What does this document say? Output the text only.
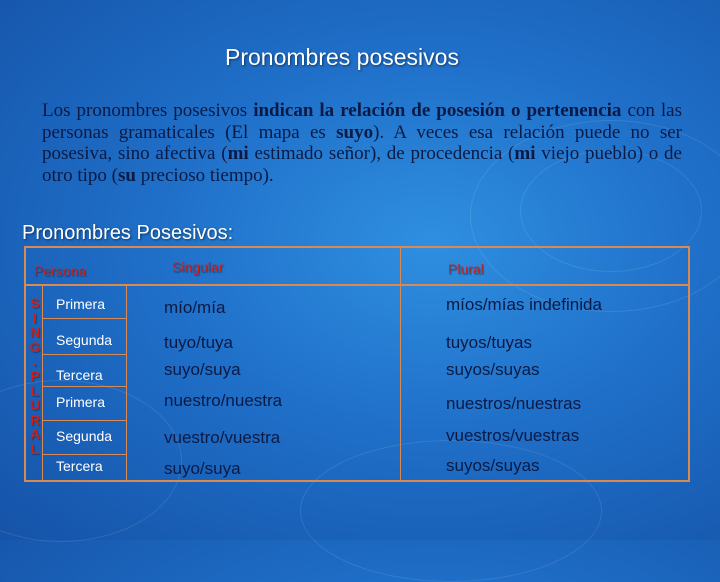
Pronombres posesivos
Los pronombres posesivos indican la relación de posesión o pertenencia con las personas gramaticales (El mapa es suyo). A veces esa relación puede no ser posesiva, sino afectiva (mi estimado señor), de procedencia (mi viejo pueblo) o de otro tipo (su precioso tiempo).
Pronombres Posesivos:
Persona	Singular	Plural
S
I
N
G
.
P
L
U
R
A
L
Primera	mío/mía	míos/mías indefinida
Segunda	tuyo/tuya	tuyos/tuyas
Tercera	suyo/suya	suyos/suyas
Primera	nuestro/nuestra	nuestros/nuestras
Segunda	vuestro/vuestra	vuestros/vuestras
Tercera	suyo/suya	suyos/suyas
